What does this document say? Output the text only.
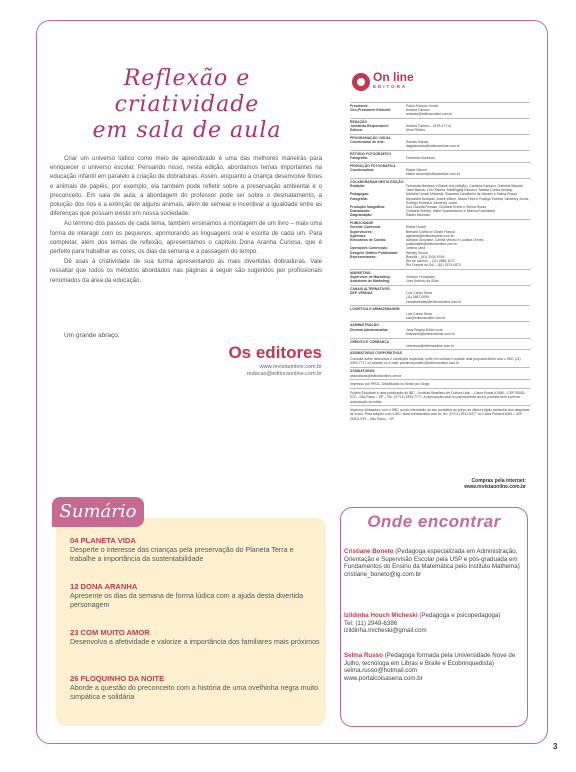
Reflexão e criatividade
em sala de aula

Criar um universo lúdico como meio de aprendizado é uma das melhores maneiras para enriquecer o universo escolar. Pensando nisso, nesta edição, abordamos temas importantes na educação infantil em paralelo à criação de dobraduras. Assim, enquanto a criança desenvolve flores e animais de papéis, por exemplo, ela também pode refletir sobre a preservação ambiental e o preconceito. Em sala de aula, a abordagem do professor pode ser sobre o desmatamento, a poluição dos rios e a extinção de alguns animais, além de semear e incentivar a igualdade entre as diferenças que possam existir em nossa sociedade.

Ao término dos passos de cada tema, também ensinamos a montagem de um livro – mais uma forma de interagir com os pequenos, aprimorando as linguagens oral e escrita de cada um. Para completar, além dos temas de reflexão, apresentamos o capítulo Dona Aranha Curiosa, que é perfeito para trabalhar as cores, os dias da semana e a passagem do tempo.

Dê asas à criatividade de sua turma apresentando as mais divertidas dobraduras. Vale ressaltar que todos os métodos abordados nas páginas a seguir são sugeridos por profissionais renomados da área da educação.

Um grande abraço,
Os editores
www.revistaonline.com.br
redacao@editoraonline.com.br
On line
EDITORA
Presidente:	Paulo Roberto Houch
Vice-Presidente Editorial:	Andrea Calmon
redacao@editoraonline.com.br
REDAÇÃO
Jornalista Responsável:	Andrea Calmon – MTB 47714
Editora:	Aline Ribeiro
PROGRAMAÇÃO VISUAL
Coordenador de Arte:	Renato Marcal
diagramacao@editoraonline.com.br
ESTÚDIO FOTOGRÁFICO
Fotografia:	Fernando Indalécio
PRODUÇÃO FOTOGRÁFICA
Coordenadora:	Elaine Simoni
elaine.simoni@editoraonline.com.br
COLABORARAM NESTA EDIÇÃO
Redação:	Fernanda Montano e Elaine reis (edição), Carolina Cardoso, Gabriela Mancini, Jaine Bancio, Lilo Oliveira, Marilingela Fausto e Tatiane Cortez (textos)
Pedagogas:	Izildinha Houch Micheski, Roseana Cavalheiro de Moraes e Selma Russo
Fotografia:	Alexandre Andrade, André Wilner, Diana Feira e Rodrigo Estrela, Vanderzy Junior, Rodrigo Estrela e Vanderzy Junior
Produção fotográfica:	Ana Claudia Romaio, Cristiane Bruno e Selma Russo
Dobraduras:	Cristiane Boneto, Ildete Scarlambunio e Mônica Fuchsluber
Diagramação:	Rafael Micheski
PUBLICIDADE
Gerente Comercial:	Elaine Houch
Supervisores:	Bernard Coelho e Gisele França
Agências:	agencias@editoraonline.com.br
Executivos de Contas:	Adriana Gonzalez, Camila Veloso e Luciana Lemes
publicidade@editoraonline.com.br
Operações Comerciais:	Joelma Lima
Designer Gráfico Publicidade:	Wesley Souza
Representantes:	Brasília – (61) 3034-9764
Rio de Janeiro – (21) 2588-1170
Rio Grande do Sul – (51) 3374-0873
MARKETING
Supervisor de Marketing:	Vinícius Fernandes
Assistente de Marketing:	José Antônio da Silva
CANAIS ALTERNATIVOS
DEP. VENDAS	Luiz Carlos Sena
(11) 3687-0099
vendasdiretas@editoraonline.com.br
LOGÍSTICA E ARMAZENAGEM
Luiz Carlos Sena
sac@editoraonline.com.br
ADMINISTRAÇÃO
Diretora Administrativa:	Jany Regina Della Lucia
financeiro@editoraonline.com.br
CRÉDITO E COBRANÇA
cobranca@editoraonline.com.br
ASSINATURAS CORPORATIVAS
Consulta sobre descontos e condições especiais, entre em contato e solicite uma proposta direto com o SBC (11) 3393-7717 ou através do e-mail: portalcorporativo@editoraonline.com.br
ASSINATURAS:
assinaturas@editoraonline.com.br
Impresso por PROL. Distribuição no Brasil por Dinap
Projeto Escolarte é uma publicação do IBC – Instituto Brasileiro de Cultura Ltda. – Caixa Postal 61085 – CEP 05001-970 – São Paulo – SP – Tel.: (0**11) 3393-7777. A reprodução total ou parcial desta obra é proibida sem a prévia autorização do editor.
Números Atrasados: com o SBC ou por intermédio do seu jornaleiro ao preço da última edição acrescido dos despesas de envio. Para adquirir com o IBC: www.revistaonline.com.br, tel.: (0**11) 3512-9477 ou Caixa Postal 61085 – CEP 05001-970 – São Paulo – SP
Compras pela internet:
www.revistaonline.com.br
Sumário
04 PLANETA VIDA
Desperte o interesse das crianças pela preservação do Planeta Terra e trabalhe a importância da sustentabilidade
12 DONA ARANHA
Apresente os dias da semana de forma lúdica com a ajuda desta divertida personagem
23 COM MUITO AMOR
Desenvolva a afetividade e valorize a importância dos familiares mais próximos
26 FLOQUINHO DA NOITE
Aborde a questão do preconceito com a história de uma ovelhinha negra muito simpática e solidária
Onde encontrar
Cristiane Boneto (Pedagoga especializada em Administração, Orientação e Supervisão Escolar pela USP e pós-graduada em Fundamentos do Ensino da Matemática pelo Instituto Mathema)
cristiane_boneto@ig.com.br
Izildinha Houch Micheski (Pedagoga e psicopedagoga)
Tel: (11) 2949-6386
izildinha.micheski@gmail.com
Selma Russo (Pedagoga formada pela Universidade Nove de Julho, tecnóloga em Libras e Braile e Ecobrinquedista)
selma.russo@hotmail.com
www.portalcoisasena.com.br
3
